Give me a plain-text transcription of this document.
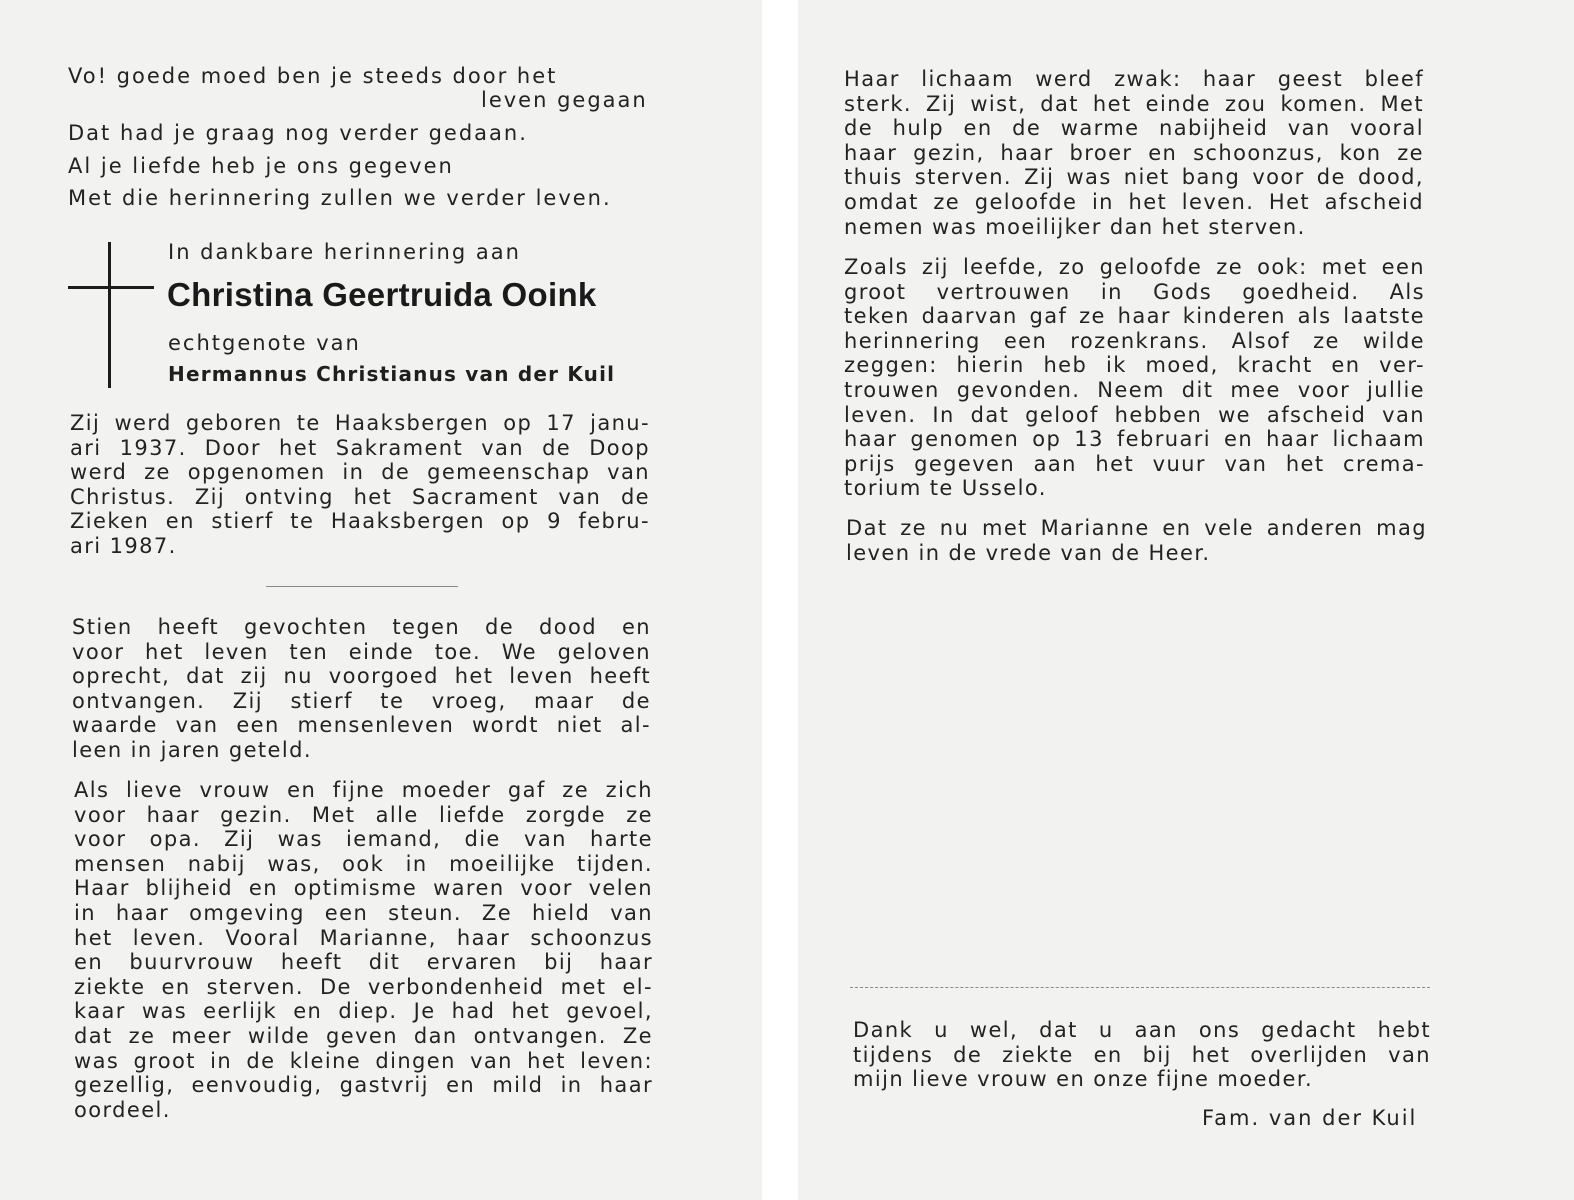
Vo! goede moed ben je steeds door het
leven gegaan
Dat had je graag nog verder gedaan.
Al je liefde heb je ons gegeven
Met die herinnering zullen we verder leven.
In dankbare herinnering aan
Christina Geertruida Ooink
echtgenote van
Hermannus Christianus van der Kuil
Zij werd geboren te Haaksbergen op 17 janu-
ari 1937. Door het Sakrament van de Doop
werd ze opgenomen in de gemeenschap van
Christus. Zij ontving het Sacrament van de
Zieken en stierf te Haaksbergen op 9 febru-
ari 1987.
Stien heeft gevochten tegen de dood en
voor het leven ten einde toe. We geloven
oprecht, dat zij nu voorgoed het leven heeft
ontvangen. Zij stierf te vroeg, maar de
waarde van een mensenleven wordt niet al-
leen in jaren geteld.
Als lieve vrouw en fijne moeder gaf ze zich
voor haar gezin. Met alle liefde zorgde ze
voor opa. Zij was iemand, die van harte
mensen nabij was, ook in moeilijke tijden.
Haar blijheid en optimisme waren voor velen
in haar omgeving een steun. Ze hield van
het leven. Vooral Marianne, haar schoonzus
en buurvrouw heeft dit ervaren bij haar
ziekte en sterven. De verbondenheid met el-
kaar was eerlijk en diep. Je had het gevoel,
dat ze meer wilde geven dan ontvangen. Ze
was groot in de kleine dingen van het leven:
gezellig, eenvoudig, gastvrij en mild in haar
oordeel.
Haar lichaam werd zwak: haar geest bleef
sterk. Zij wist, dat het einde zou komen. Met
de hulp en de warme nabijheid van vooral
haar gezin, haar broer en schoonzus, kon ze
thuis sterven. Zij was niet bang voor de dood,
omdat ze geloofde in het leven. Het afscheid
nemen was moeilijker dan het sterven.
Zoals zij leefde, zo geloofde ze ook: met een
groot vertrouwen in Gods goedheid. Als
teken daarvan gaf ze haar kinderen als laatste
herinnering een rozenkrans. Alsof ze wilde
zeggen: hierin heb ik moed, kracht en ver-
trouwen gevonden. Neem dit mee voor jullie
leven. In dat geloof hebben we afscheid van
haar genomen op 13 februari en haar lichaam
prijs gegeven aan het vuur van het crema-
torium te Usselo.
Dat ze nu met Marianne en vele anderen mag
leven in de vrede van de Heer.
Dank u wel, dat u aan ons gedacht hebt
tijdens de ziekte en bij het overlijden van
mijn lieve vrouw en onze fijne moeder.
Fam. van der Kuil
